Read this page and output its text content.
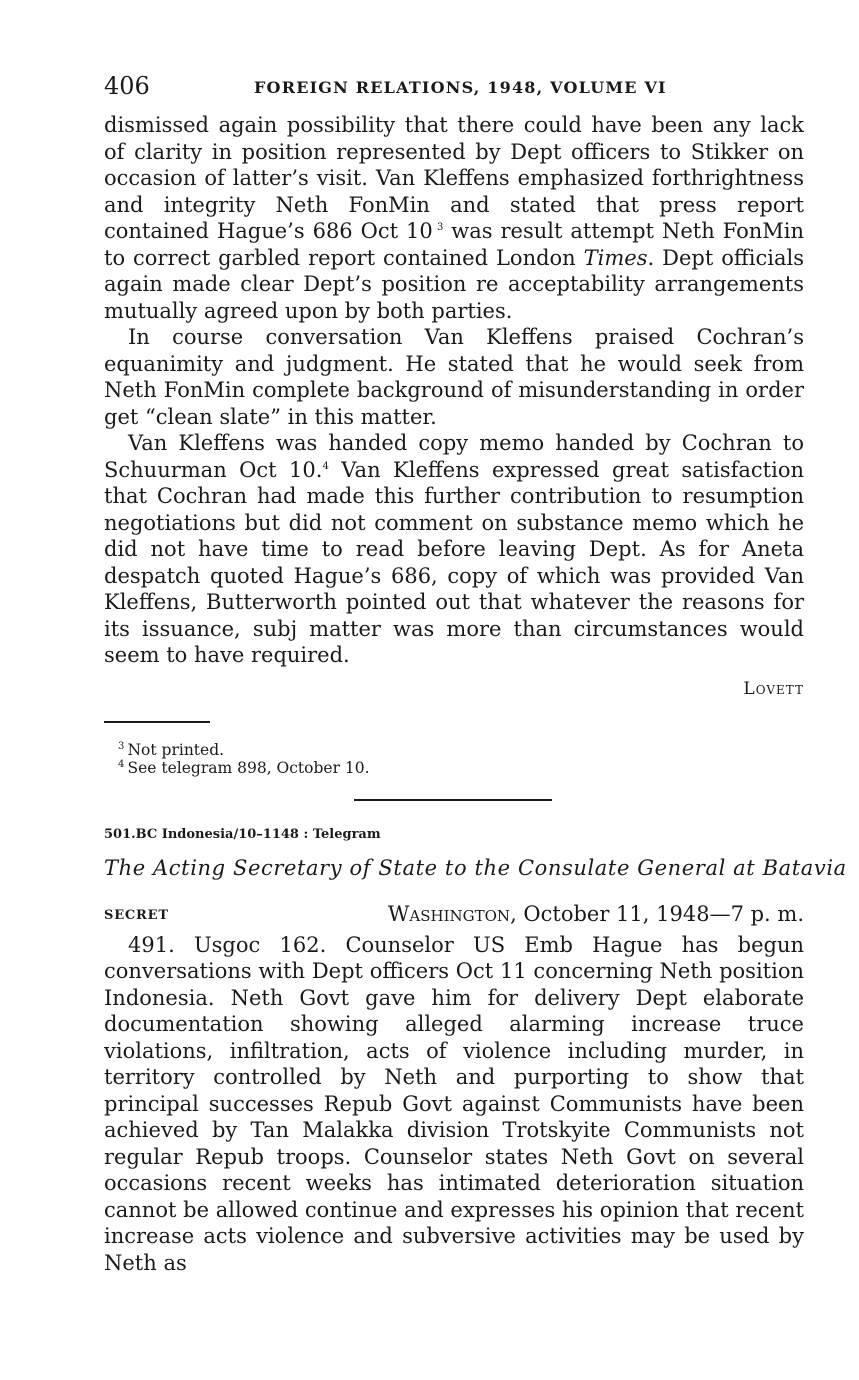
406	FOREIGN RELATIONS, 1948, VOLUME VI

dismissed again possibility that there could have been any lack of clarity in position represented by Dept officers to Stikker on occasion of latter’s visit. Van Kleffens emphasized forthrightness and integrity Neth FonMin and stated that press report contained Hague’s 686 Oct 10  $^3$ was result attempt Neth FonMin to correct garbled report contained London Times. Dept officials again made clear Dept’s position re acceptability arrangements mutually agreed upon by both parties.

In course conversation Van Kleffens praised Cochran’s equanimity and judgment. He stated that he would seek from Neth FonMin complete background of misunderstanding in order get “clean slate” in this matter.

Van Kleffens was handed copy memo handed by Cochran to Schuurman Oct 10.$^4$ Van Kleffens expressed great satisfaction that Cochran had made this further contribution to resumption negotiations but did not comment on substance memo which he did not have time to read before leaving Dept. As for Aneta despatch quoted Hague’s 686, copy of which was provided Van Kleffens, Butterworth pointed out that whatever the reasons for its issuance, subj matter was more than circumstances would seem to have required.

Lovett
$^3$  Not printed.
$^4$  See telegram 898, October 10.
501.BC Indonesia/10–1148 : Telegram
The Acting Secretary of State to the Consulate General at Batavia
SECRET	Washington, October 11, 1948—7 p. m.

491. Usgoc 162. Counselor US Emb Hague has begun conversations with Dept officers Oct 11 concerning Neth position Indonesia. Neth Govt gave him for delivery Dept elaborate documentation showing alleged alarming increase truce violations, infiltration, acts of violence including murder, in territory controlled by Neth and purporting to show that principal successes Repub Govt against Communists have been achieved by Tan Malakka division Trotskyite Communists not regular Repub troops. Counselor states Neth Govt on several occasions recent weeks has intimated deterioration situation cannot be allowed continue and expresses his opinion that recent increase acts violence and subversive activities may be used by Neth as
